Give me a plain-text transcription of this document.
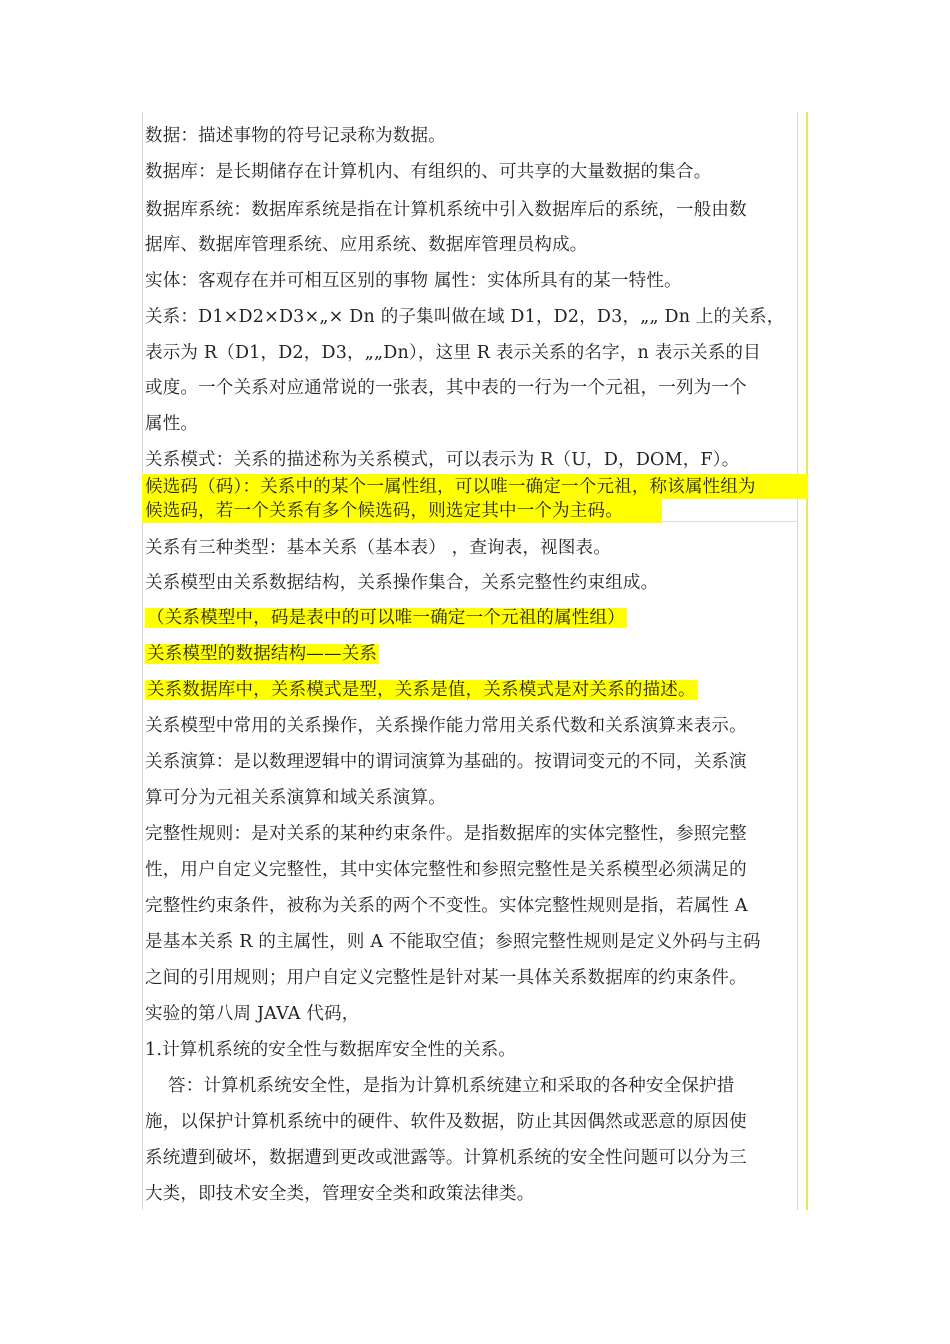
数据：描述事物的符号记录称为数据。
数据库：是长期储存在计算机内、有组织的、可共享的大量数据的集合。
数据库系统：数据库系统是指在计算机系统中引入数据库后的系统，一般由数
据库、数据库管理系统、应用系统、数据库管理员构成。
实体：客观存在并可相互区别的事物 属性：实体所具有的某一特性。
关系：D1×D2×D3×„× Dn 的子集叫做在域 D1，D2，D3，„„ Dn 上的关系，
表示为 R（D1，D2，D3，„„Dn），这里 R 表示关系的名字，n 表示关系的目
或度。一个关系对应通常说的一张表，其中表的一行为一个元祖，一列为一个
属性。
关系模式：关系的描述称为关系模式，可以表示为 R（U，D，DOM，F）。
候选码（码）：关系中的某个一属性组，可以唯一确定一个元祖，称该属性组为
候选码，若一个关系有多个候选码，则选定其中一个为主码。
关系有三种类型：基本关系（基本表） ，查询表，视图表。
关系模型由关系数据结构，关系操作集合，关系完整性约束组成。
（关系模型中，码是表中的可以唯一确定一个元祖的属性组）
关系模型的数据结构——关系
关系数据库中，关系模式是型，关系是值，关系模式是对关系的描述。
关系模型中常用的关系操作，关系操作能力常用关系代数和关系演算来表示。
关系演算：是以数理逻辑中的谓词演算为基础的。按谓词变元的不同，关系演
算可分为元祖关系演算和域关系演算。
完整性规则：是对关系的某种约束条件。是指数据库的实体完整性，参照完整
性，用户自定义完整性，其中实体完整性和参照完整性是关系模型必须满足的
完整性约束条件，被称为关系的两个不变性。实体完整性规则是指，若属性 A
是基本关系 R 的主属性，则 A 不能取空值；参照完整性规则是定义外码与主码
之间的引用规则；用户自定义完整性是针对某一具体关系数据库的约束条件。
实验的第八周 JAVA 代码，
1.计算机系统的安全性与数据库安全性的关系。
答：计算机系统安全性，是指为计算机系统建立和采取的各种安全保护措
施，以保护计算机系统中的硬件、软件及数据，防止其因偶然或恶意的原因使
系统遭到破坏，数据遭到更改或泄露等。计算机系统的安全性问题可以分为三
大类，即技术安全类，管理安全类和政策法律类。
